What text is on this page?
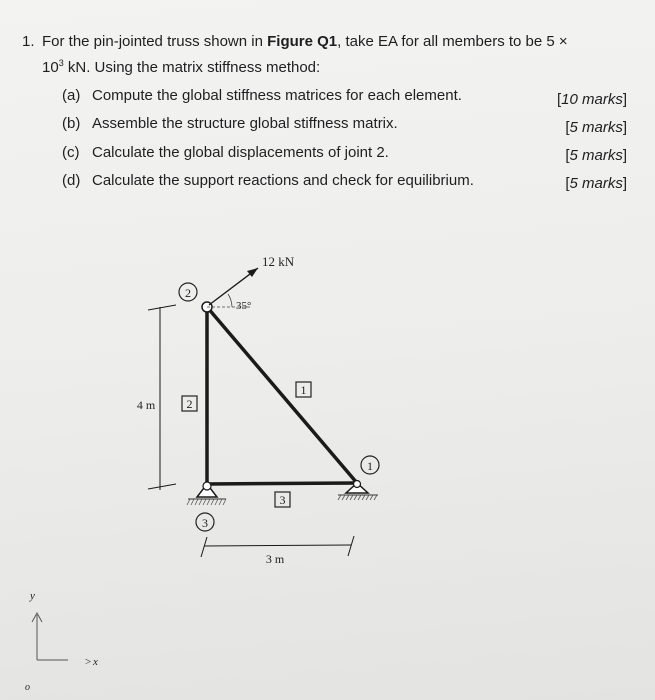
1. For the pin-jointed truss shown in Figure Q1, take EA for all members to be 5 ×
$10^3$ kN. Using the matrix stiffness method:
(a) Compute the global stiffness matrices for each element.
(b) Assemble the structure global stiffness matrix.
(c) Calculate the global displacements of joint 2.
(d) Calculate the support reactions and check for equilibrium.
[10 marks]
[5 marks]
[5 marks]
[5 marks]
2
3
1
1
2
3
12 kN
35°
4 m
3 m
y
> x
o
